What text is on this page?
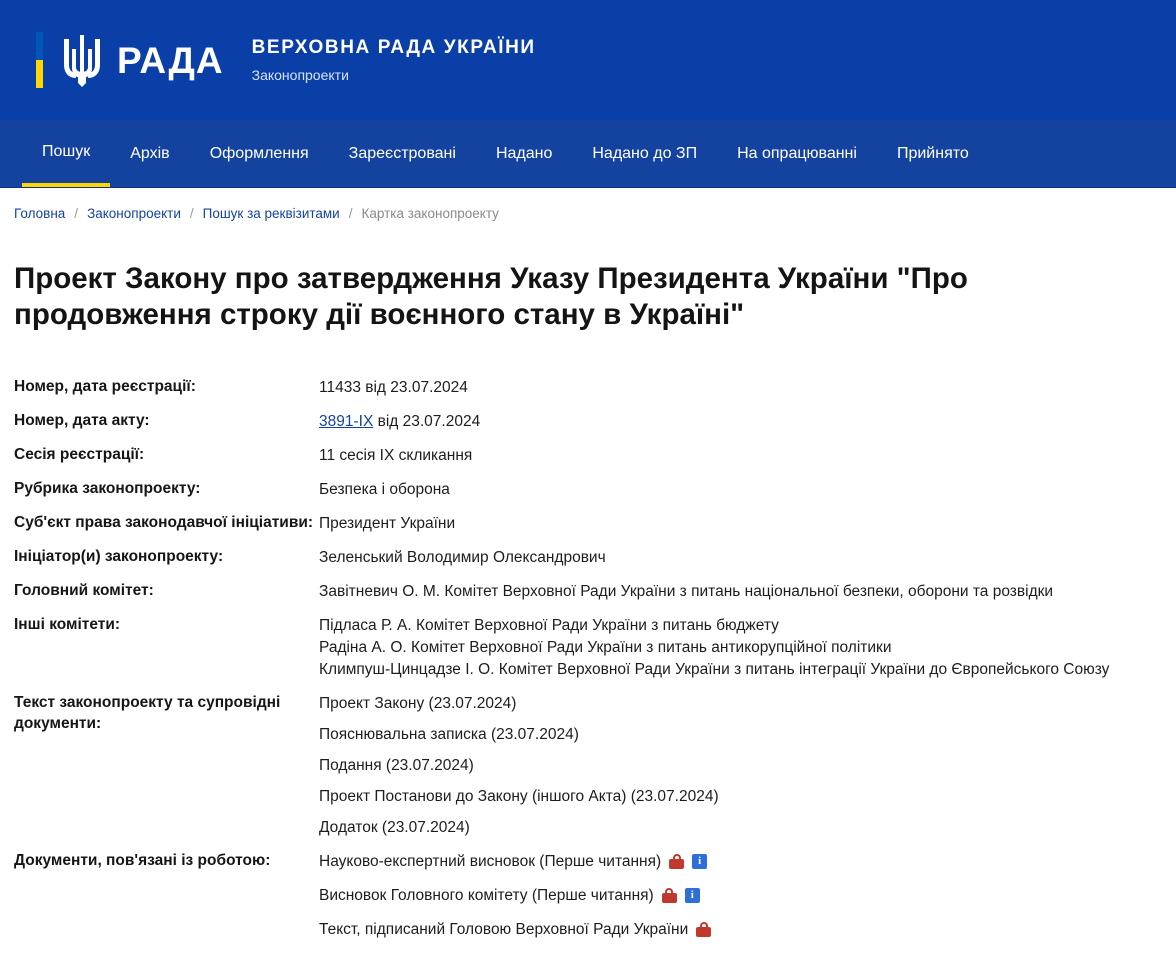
РАДА ВЕРХОВНА РАДА УКРАЇНИ
Законопроекти
Пошук	Архів	Оформлення	Зареєстровані	Надано	Надано до ЗП	На опрацюванні	Прийнято
Головна / Законопроекти / Пошук за реквізитами / Картка законопроекту
Проект Закону про затвердження Указу Президента України "Про продовження строку дії воєнного стану в Україні"
Номер, дата реєстрації:	11433 від 23.07.2024
Номер, дата акту:	3891-IX від 23.07.2024
Сесія реєстрації:	11 сесія IX скликання
Рубрика законопроекту:	Безпека і оборона
Суб'єкт права законодавчої ініціативи:	Президент України
Ініціатор(и) законопроекту:	Зеленський Володимир Олександрович
Головний комітет:	Завітневич О. М. Комітет Верховної Ради України з питань національної безпеки, оборони та розвідки
Інші комітети:	Підласа Р. А. Комітет Верховної Ради України з питань бюджету
Радіна А. О. Комітет Верховної Ради України з питань антикорупційної політики
Климпуш-Цинцадзе І. О. Комітет Верховної Ради України з питань інтеграції України до Європейського Союзу

Текст законопроекту та супровідні документи:	Проект Закону (23.07.2024)
Пояснювальна записка (23.07.2024)
Подання (23.07.2024)
Проект Постанови до Закону (іншого Акта) (23.07.2024)
Додаток (23.07.2024)

Документи, пов'язані із роботою:	Науково-експертний висновок (Перше читання) i
Висновок Головного комітету (Перше читання) i
Текст, підписаний Головою Верховної Ради України
